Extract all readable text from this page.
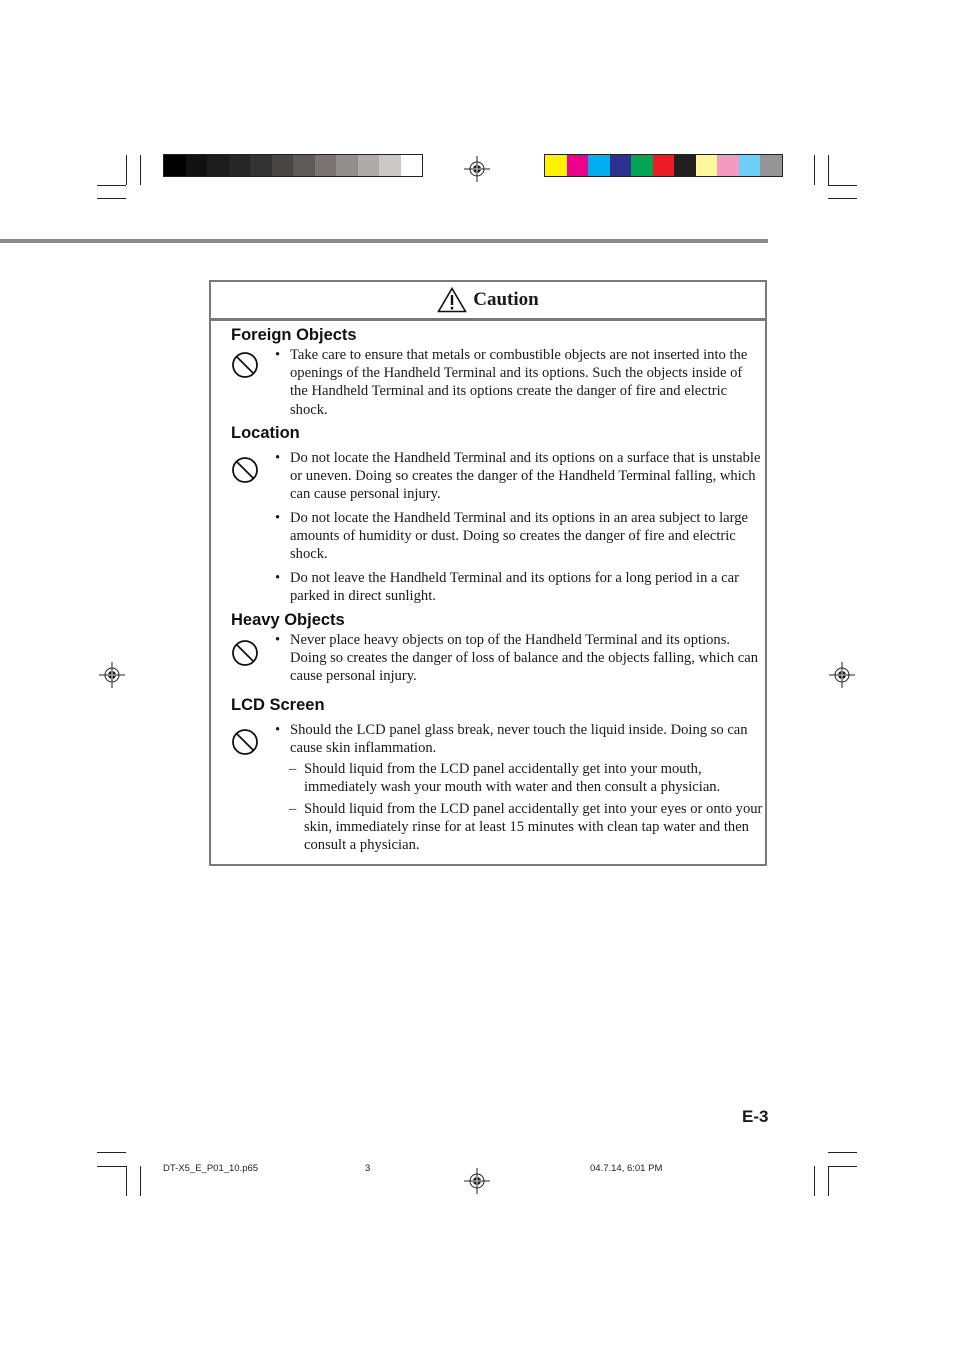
Caution
Foreign Objects
• Take care to ensure that metals or combustible objects are not inserted into the openings of the Handheld Terminal and its options. Such the objects inside of the Handheld Terminal and its options create the danger of fire and electric shock.
Location
• Do not locate the Handheld Terminal and its options on a surface that is unstable or uneven. Doing so creates the danger of the Handheld Terminal falling, which can cause personal injury.
• Do not locate the Handheld Terminal and its options in an area subject to large amounts of humidity or dust. Doing so creates the danger of fire and electric shock.
• Do not leave the Handheld Terminal and its options for a long period in a car parked in direct sunlight.
Heavy Objects
• Never place heavy objects on top of the Handheld Terminal and its options. Doing so creates the danger of loss of balance and the objects falling, which can cause personal injury.
LCD Screen
• Should the LCD panel glass break, never touch the liquid inside. Doing so can cause skin inflammation.
– Should liquid from the LCD panel accidentally get into your mouth, immediately wash your mouth with water and then consult a physician.
– Should liquid from the LCD panel accidentally get into your eyes or onto your skin, immediately rinse for at least 15 minutes with clean tap water and then consult a physician.
E-3
DT-X5_E_P01_10.p65	3	04.7.14, 6:01 PM
